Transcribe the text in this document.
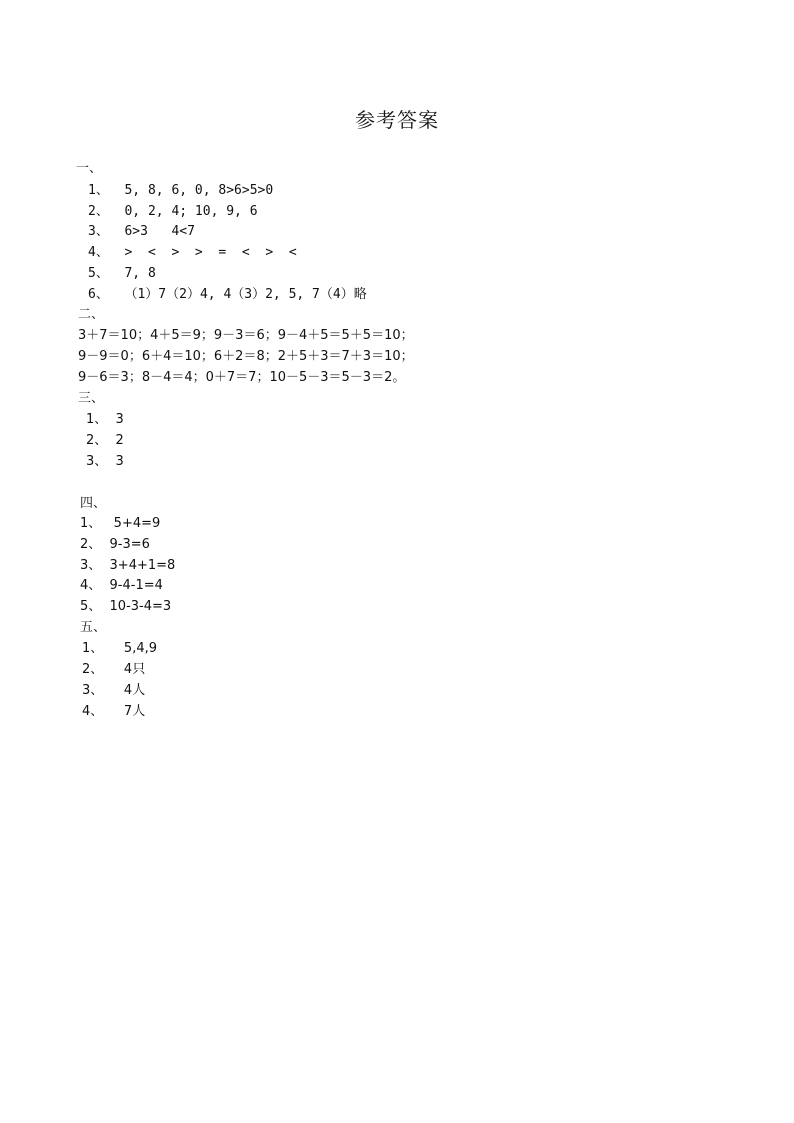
参考答案
一、
1、  5, 8, 6, 0, 8>6>5>0
2、  0, 2, 4; 10, 9, 6
3、  6>3   4<7
4、  >  <  >  >  =  <  >  <
5、  7, 8
6、  （1）7（2）4, 4（3）2, 5, 7（4）略
二、
3＋7＝10；4＋5＝9；9－3＝6；9－4＋5＝5＋5＝10；
9－9＝0；6＋4＝10；6＋2＝8；2＋5＋3＝7＋3＝10；
9－6＝3；8－4＝4；0＋7＝7；10－5－3＝5－3＝2。
三、
1、  3
2、  2
3、  3
四、
1、   5+4=9
2、  9-3=6
3、  3+4+1=8
4、  9-4-1=4
5、  10-3-4=3
五、
1、     5,4,9
2、     4只
3、     4人
4、     7人
